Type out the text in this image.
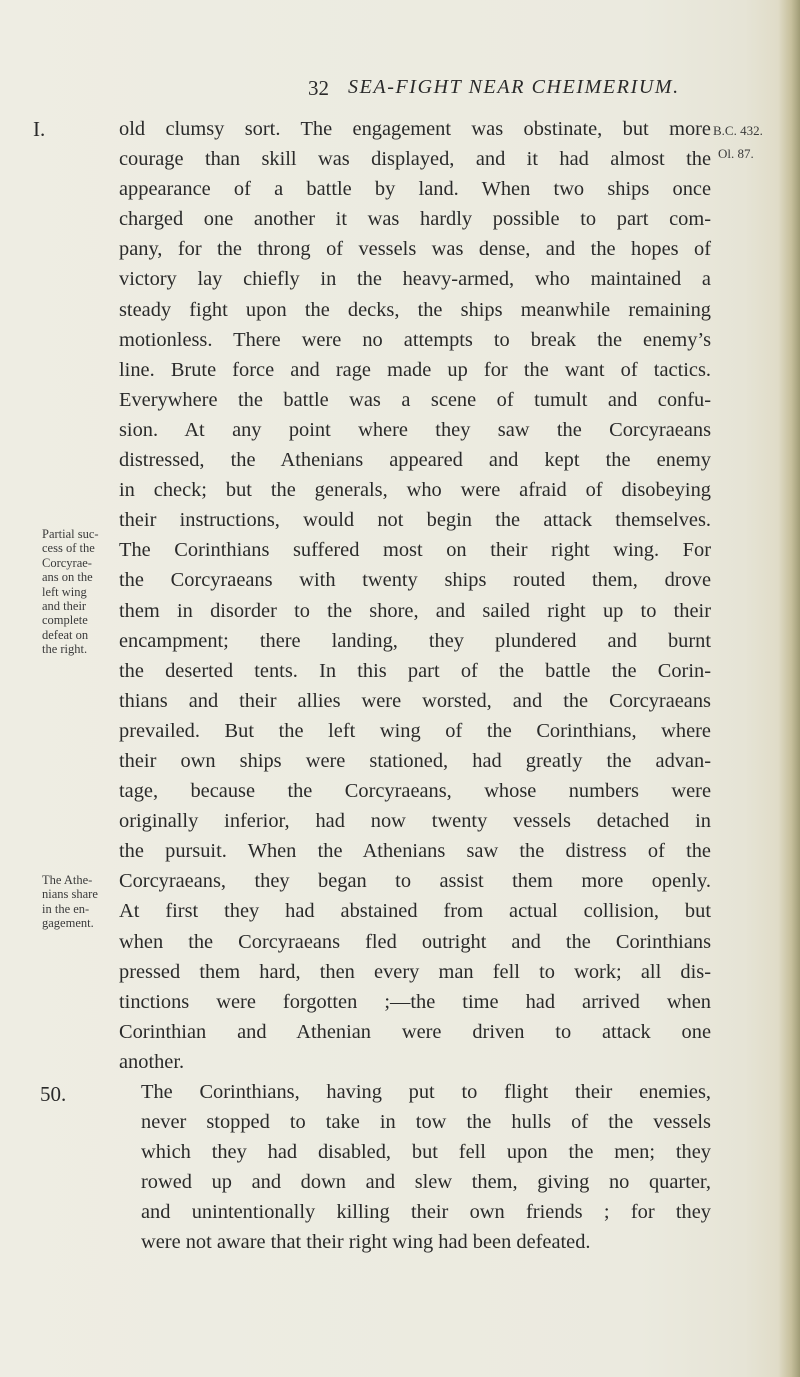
32 SEA-FIGHT NEAR CHEIMERIUM.
I.
50.
B.C. 432.
Ol. 87.
Partial suc-
cess of the
Corcyrae-
ans on the
left wing
and their
complete
defeat on
the right.
The Athe-
nians share
in the en-
gagement.

old clumsy sort. The engagement was obstinate, but more

courage than skill was displayed, and it had almost the

appearance of a battle by land. When two ships once

charged one another it was hardly possible to part com-

pany, for the throng of vessels was dense, and the hopes of

victory lay chiefly in the heavy-armed, who maintained a

steady fight upon the decks, the ships meanwhile remaining

motionless. There were no attempts to break the enemy’s

line. Brute force and rage made up for the want of tactics.

Everywhere the battle was a scene of tumult and confu-

sion. At any point where they saw the Corcyraeans

distressed, the Athenians appeared and kept the enemy

in check; but the generals, who were afraid of disobeying

their instructions, would not begin the attack themselves.

The Corinthians suffered most on their right wing. For

the Corcyraeans with twenty ships routed them, drove

them in disorder to the shore, and sailed right up to their

encampment; there landing, they plundered and burnt

the deserted tents. In this part of the battle the Corin-

thians and their allies were worsted, and the Corcyraeans

prevailed. But the left wing of the Corinthians, where

their own ships were stationed, had greatly the advan-

tage, because the Corcyraeans, whose numbers were

originally inferior, had now twenty vessels detached in

the pursuit. When the Athenians saw the distress of the

Corcyraeans, they began to assist them more openly.

At first they had abstained from actual collision, but

when the Corcyraeans fled outright and the Corinthians

pressed them hard, then every man fell to work; all dis-

tinctions were forgotten ;—the time had arrived when

Corinthian and Athenian were driven to attack one

another.

The Corinthians, having put to flight their enemies,

never stopped to take in tow the hulls of the vessels

which they had disabled, but fell upon the men; they

rowed up and down and slew them, giving no quarter,

and unintentionally killing their own friends ; for they

were not aware that their right wing had been defeated.
